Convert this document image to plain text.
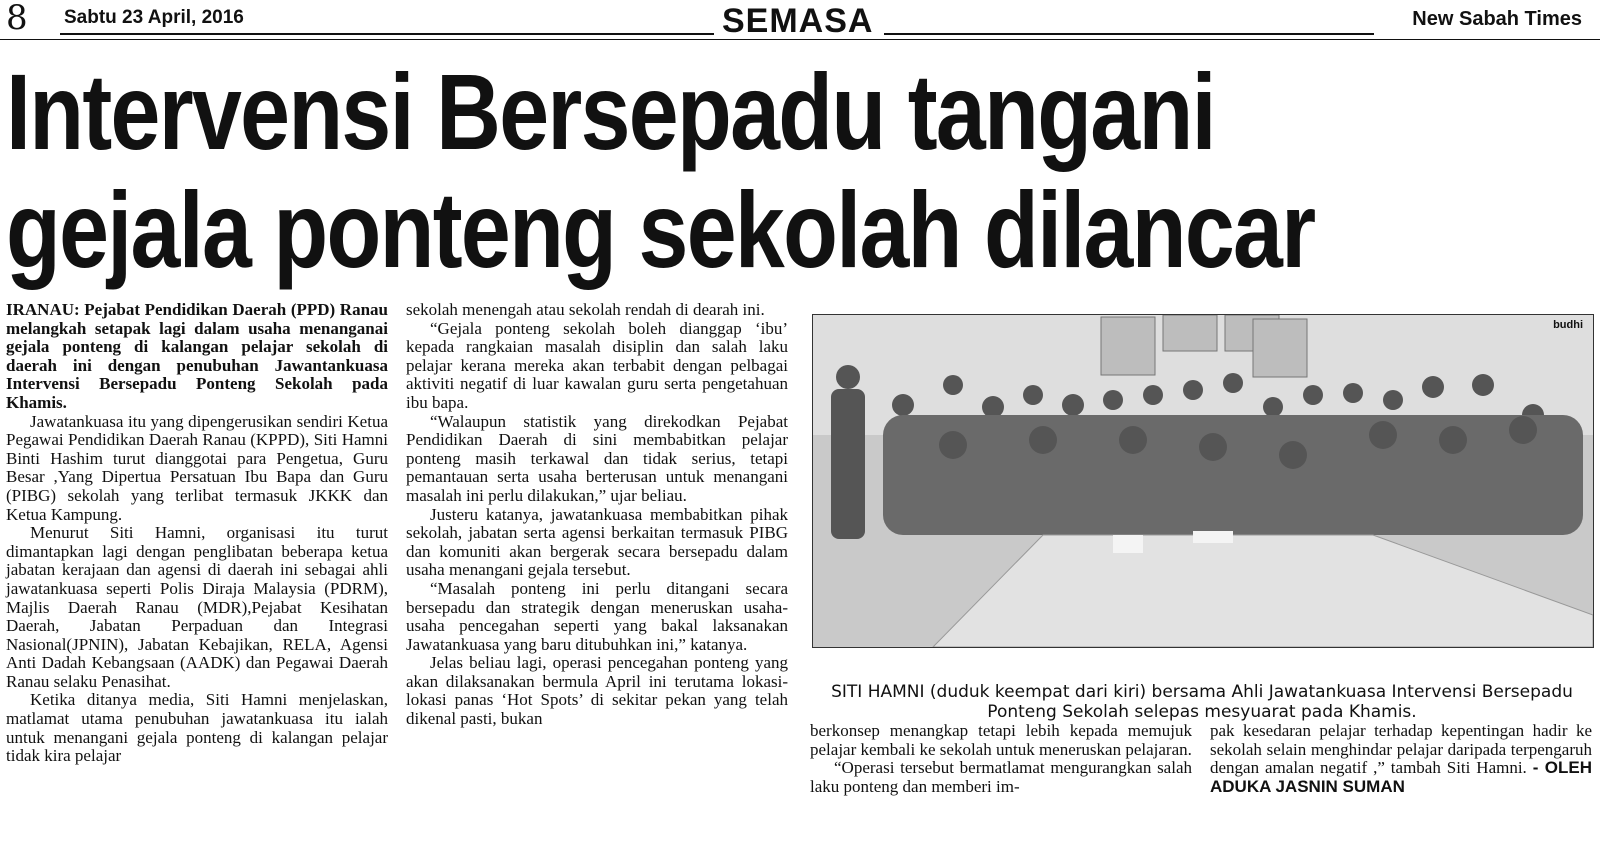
8 Sabtu 23 April, 2016	SEMASA	New Sabah Times
Intervensi Bersepadu tangani
gejala ponteng sekolah dilancar

IRANAU: Pejabat Pendidikan Daerah (PPD) Ranau melangkah setapak lagi dalam usaha menanganai gejala ponteng di kalangan pelajar sekolah di daerah ini dengan penubuhan Jawantankuasa Intervensi Bersepadu Ponteng Sekolah pada Khamis.

Jawatankuasa itu yang dipengerusikan sendiri Ketua Pegawai Pendidikan Daerah Ranau (KPPD), Siti Hamni Binti Hashim turut dianggotai para Pengetua, Guru Besar ,Yang Dipertua Persatuan Ibu Bapa dan Guru (PIBG) sekolah yang terlibat termasuk JKKK dan Ketua Kampung.

Menurut Siti Hamni, organisasi itu turut dimantapkan lagi dengan penglibatan beberapa ketua jabatan kerajaan dan agensi di daerah ini sebagai ahli jawatankuasa seperti Polis Diraja Malaysia (PDRM), Majlis Daerah Ranau (MDR),Pejabat Kesihatan Daerah, Jabatan Perpaduan dan Integrasi Nasional(JPNIN), Jabatan Kebajikan, RELA, Agensi Anti Dadah Kebangsaan (AADK) dan Pegawai Daerah Ranau selaku Penasihat.

Ketika ditanya media, Siti Hamni menjelaskan, matlamat utama penubuhan jawatankuasa itu ialah untuk menangani gejala ponteng di kalangan pelajar tidak kira pelajar

sekolah menengah atau sekolah rendah di dearah ini.

“Gejala ponteng sekolah boleh dianggap ‘ibu’ kepada rangkaian masalah disiplin dan salah laku pelajar kerana mereka akan terbabit dengan pelbagai aktiviti negatif di luar kawalan guru serta pengetahuan ibu bapa.

“Walaupun statistik yang direkodkan Pejabat Pendidikan Daerah di sini membabitkan pelajar ponteng masih terkawal dan tidak serius, tetapi pemantauan serta usaha berterusan untuk menangani masalah ini perlu dilakukan,” ujar beliau.

Justeru katanya, jawatankuasa membabitkan pihak sekolah, jabatan serta agensi berkaitan termasuk PIBG dan komuniti akan bergerak secara bersepadu dalam usaha menangani gejala tersebut.

“Masalah ponteng ini perlu ditangani secara bersepadu dan strategik dengan meneruskan usaha-usaha pencegahan seperti yang bakal laksanakan Jawatankuasa yang baru ditubuhkan ini,” katanya.

Jelas beliau lagi, operasi pencegahan ponteng yang akan dilaksanakan bermula April ini terutama lokasi-lokasi panas ‘Hot Spots’ di sekitar pekan yang telah dikenal pasti, bukan

budhi
SITI HAMNI (duduk keempat dari kiri) bersama Ahli Jawatankuasa Intervensi Bersepadu Ponteng Sekolah selepas mesyuarat pada Khamis.

berkonsep menangkap tetapi lebih kepada memujuk pelajar kembali ke sekolah untuk meneruskan pelajaran.

“Operasi tersebut bermatlamat mengurangkan salah laku ponteng dan memberi im-

pak kesedaran pelajar terhadap kepentingan hadir ke sekolah selain menghindar pelajar daripada terpengaruh dengan amalan negatif ,” tambah Siti Hamni. - OLEH ADUKA JASNIN SUMAN
